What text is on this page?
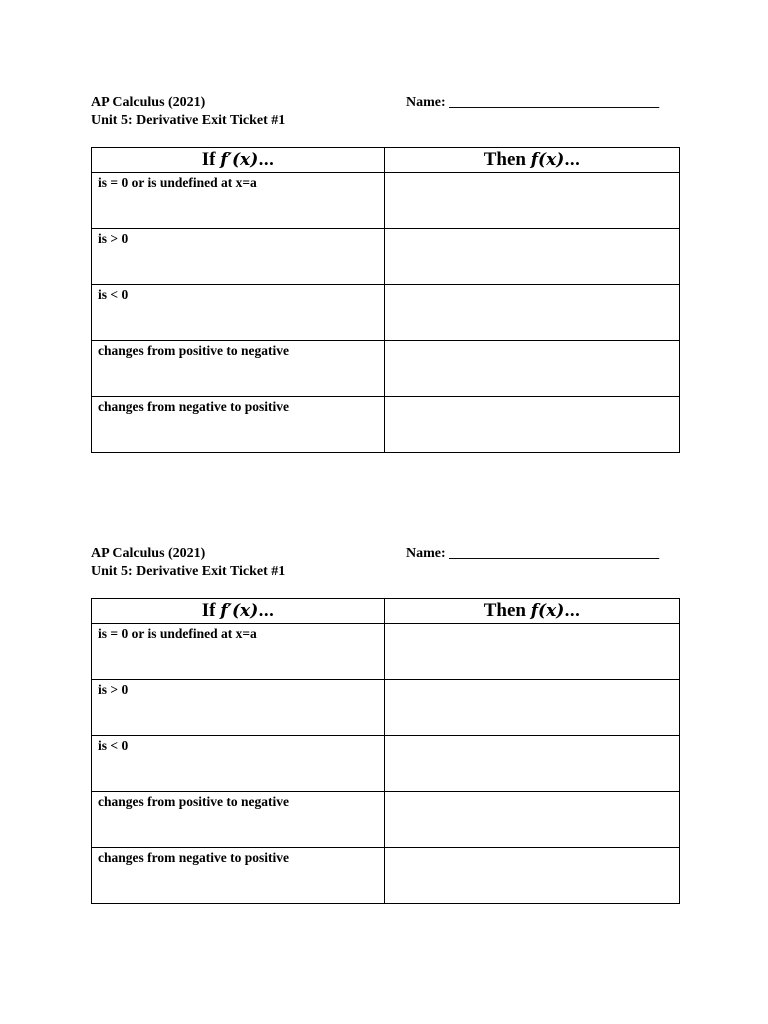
AP Calculus (2021)	Name: ______________________________
Unit 5: Derivative Exit Ticket #1
If f′(x)…	Then f(x)…
is = 0 or is undefined at x=a	
is > 0	
is < 0	
changes from positive to negative	
changes from negative to positive	
AP Calculus (2021)	Name: ______________________________
Unit 5: Derivative Exit Ticket #1
If f′(x)…	Then f(x)…
is = 0 or is undefined at x=a	
is > 0	
is < 0	
changes from positive to negative	
changes from negative to positive	
